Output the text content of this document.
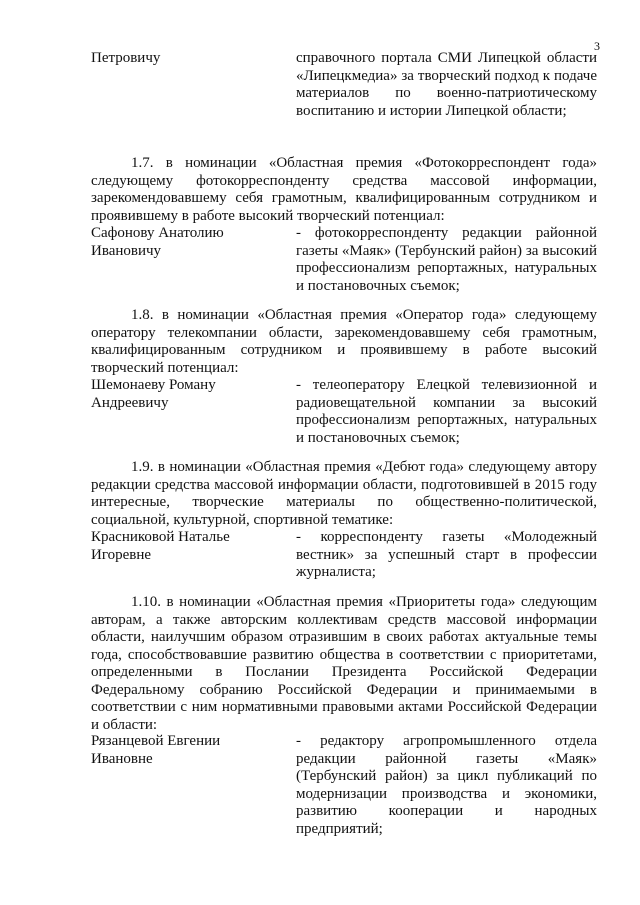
3
Петровичу	справочного портала СМИ Липецкой области «Липецкмедиа» за творческий подход к подаче материалов по военно-патриотическому воспитанию и истории Липецкой области;
1.7. в номинации «Областная премия «Фотокорреспондент года» следующему фотокорреспонденту средства массовой информации, зарекомендовавшему себя грамотным, квалифицированным сотрудником и проявившему в работе высокий творческий потенциал:
Сафонову Анатолию Ивановичу
- фотокорреспонденту редакции районной газеты «Маяк» (Тербунский район) за высокий профессионализм репортажных, натуральных и постановочных съемок;
1.8. в номинации «Областная премия «Оператор года» следующему оператору телекомпании области, зарекомендовавшему себя грамотным, квалифицированным сотрудником и проявившему в работе высокий творческий потенциал:
Шемонаеву Роману Андреевичу
- телеоператору Елецкой телевизионной и радиовещательной компании за высокий профессионализм репортажных, натуральных и постановочных съемок;
1.9. в номинации «Областная премия «Дебют года» следующему автору редакции средства массовой информации области, подготовившей в 2015 году интересные, творческие материалы по общественно-политической, социальной, культурной, спортивной тематике:
Красниковой Наталье Игоревне
- корреспонденту газеты «Молодежный вестник» за успешный старт в профессии журналиста;
1.10. в номинации «Областная премия «Приоритеты года» следующим авторам, а также авторским коллективам средств массовой информации области, наилучшим образом отразившим в своих работах актуальные темы года, способствовавшие развитию общества в соответствии с приоритетами, определенными в Послании Президента Российской Федерации Федеральному собранию Российской Федерации и принимаемыми в соответствии с ним нормативными правовыми актами Российской Федерации и области:
Рязанцевой Евгении Ивановне
- редактору агропромышленного отдела редакции районной газеты «Маяк» (Тербунский район) за цикл публикаций по модернизации производства и экономики, развитию кооперации и народных предприятий;
